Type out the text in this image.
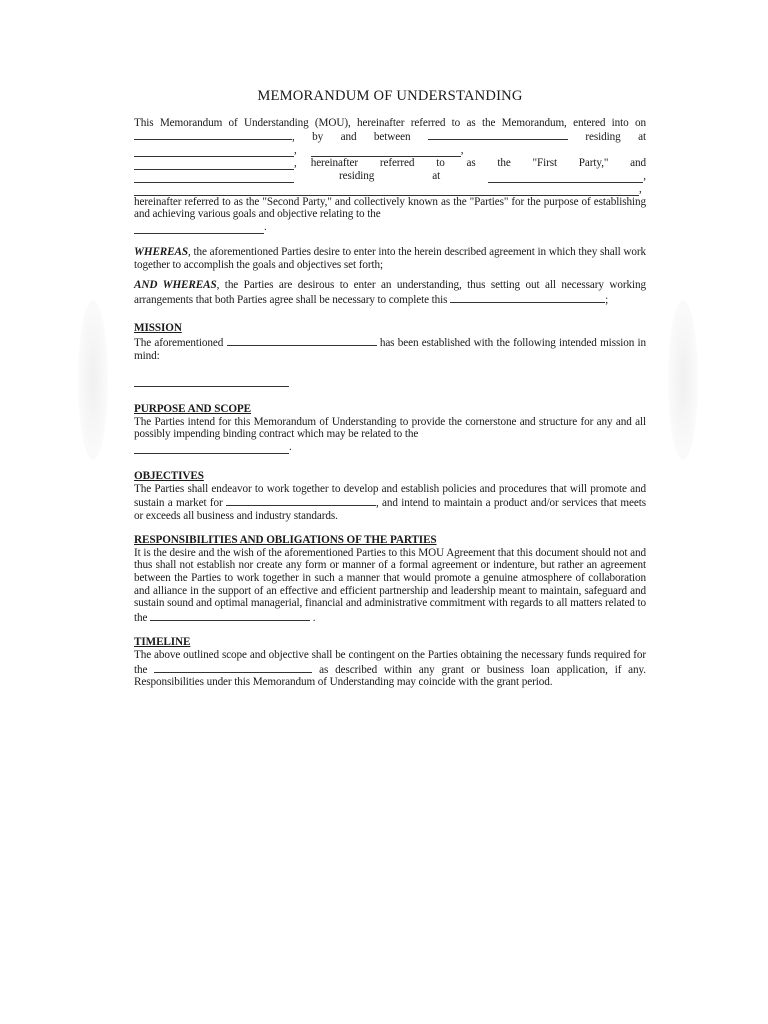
MEMORANDUM OF UNDERSTANDING

This Memorandum of Understanding (MOU), hereinafter referred to as the Memorandum, entered into on , by and between	residing at

,	,
, hereinafter referred to as the "First Party," and
residing	at	,
,

hereinafter referred to as the "Second Party," and collectively known as the "Parties" for the purpose of establishing and achieving various goals and objective relating to the

.

WHEREAS, the aforementioned Parties desire to enter into the herein described agreement in which they shall work together to accomplish the goals and objectives set forth;

AND WHEREAS, the Parties are desirous to enter an understanding, thus setting out all necessary working arrangements that both Parties agree shall be necessary to complete this	;

MISSION

The aforementioned	has been established with the following intended mission in mind:

PURPOSE AND SCOPE

The Parties intend for this Memorandum of Understanding to provide the cornerstone and structure for any and all possibly impending binding contract which may be related to the

.

OBJECTIVES

The Parties shall endeavor to work together to develop and establish policies and procedures that will promote and sustain a market for	, and intend to maintain a product and/or services that meets or exceeds all business and industry standards.

RESPONSIBILITIES AND OBLIGATIONS OF THE PARTIES

It is the desire and the wish of the aforementioned Parties to this MOU Agreement that this document should not and thus shall not establish nor create any form or manner of a formal agreement or indenture, but rather an agreement between the Parties to work together in such a manner that would promote a genuine atmosphere of collaboration and alliance in the support of an effective and efficient partnership and leadership meant to maintain, safeguard and sustain sound and optimal managerial, financial and administrative commitment with regards to all matters related to the	.

TIMELINE

The above outlined scope and objective shall be contingent on the Parties obtaining the necessary funds required for the	as described within any grant or business loan application, if any. Responsibilities under this Memorandum of Understanding may coincide with the grant period.
